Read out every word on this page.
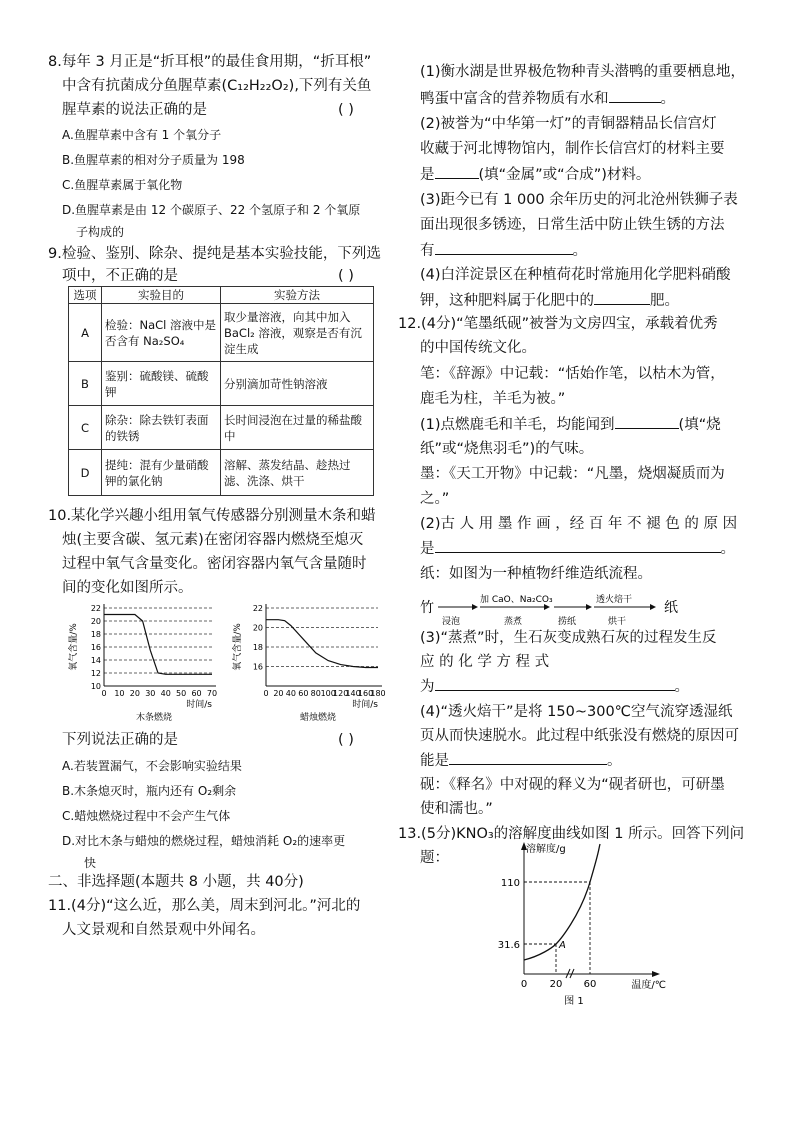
8.每年 3 月正是“折耳根”的最佳食用期，“折耳根”
中含有抗菌成分鱼腥草素(C₁₂H₂₂O₂),下列有关鱼
腥草素的说法正确的是	( )
A.鱼腥草素中含有 1 个氧分子
B.鱼腥草素的相对分子质量为 198
C.鱼腥草素属于氧化物
D.鱼腥草素是由 12 个碳原子、22 个氢原子和 2 个氧原
子构成的
9.检验、鉴别、除杂、提纯是基本实验技能，下列选
项中，不正确的是	( )
选项	实验目的	实验方法
A	检验：NaCl 溶液中是否含有 Na₂SO₄	取少量溶液，向其中加入 BaCl₂ 溶液，观察是否有沉淀生成
B	鉴别：硫酸镁、硫酸钾	分别滴加苛性钠溶液
C	除杂：除去铁钉表面的铁锈	长时间浸泡在过量的稀盐酸中
D	提纯：混有少量硝酸钾的氯化钠	溶解、蒸发结晶、趁热过滤、洗涤、烘干
10.某化学兴趣小组用氧气传感器分别测量木条和蜡
烛(主要含碳、氢元素)在密闭容器内燃烧至熄灭
过程中氧气含量变化。密闭容器内氧气含量随时
间的变化如图所示。
10
12
14
16
18
20
22
0 10 20 30 40 50 60 70
氧气含量/%
时间/s
木条燃烧
16
18
20
22
0 20 40 60 80 100
120
140
160
180
氧气含量/%
时间/s
蜡烛燃烧
下列说法正确的是	( )
A.若装置漏气，不会影响实验结果
B.木条熄灭时，瓶内还有 O₂剩余
C.蜡烛燃烧过程中不会产生气体
D.对比木条与蜡烛的燃烧过程，蜡烛消耗 O₂的速率更
快
二、非选择题(本题共 8 小题，共 40分)
11.(4分)“这么近，那么美，周末到河北。”河北的
人文景观和自然景观中外闻名。
(1)衡水湖是世界极危物种青头潜鸭的重要栖息地，
鸭蛋中富含的营养物质有水和	。
(2)被誉为“中华第一灯”的青铜器精品长信宫灯
收藏于河北博物馆内，制作长信宫灯的材料主要
是	(填“金属”或“合成”)材料。
(3)距今已有 1 000 余年历史的河北沧州铁狮子表
面出现很多锈迹，日常生活中防止铁生锈的方法
有	。
(4)白洋淀景区在种植荷花时常施用化学肥料硝酸
钾，这种肥料属于化肥中的	肥。
12.(4分)“笔墨纸砚”被誉为文房四宝，承载着优秀
的中国传统文化。
笔：《辞源》中记载：“恬始作笔，以枯木为管，
鹿毛为柱，羊毛为被。”
(1)点燃鹿毛和羊毛，均能闻到	(填“烧
纸”或“烧焦羽毛”)的气味。
墨：《天工开物》中记载：“凡墨，烧烟凝质而为
之。”
(2)古 人 用 墨 作 画 ，经 百 年 不 褪 色 的 原 因
是	。
纸：如图为一种植物纤维造纸流程。
竹
浸泡
加 CaO、Na₂CO₃
蒸煮	捞纸
透火焙干
烘干
纸
(3)“蒸煮”时，生石灰变成熟石灰的过程发生反
应 的 化 学 方 程 式
为	。
(4)“透火焙干”是将 150~300℃空气流穿透湿纸
页从而快速脱水。此过程中纸张没有燃烧的原因可
能是	。
砚：《释名》中对砚的释义为“砚者研也，可研墨
使和濡也。”
13.(5分)KNO₃的溶解度曲线如图 1 所示。回答下列问
题：
110
31.6
0 20 60
A
溶解度/g
温度/℃
图 1
